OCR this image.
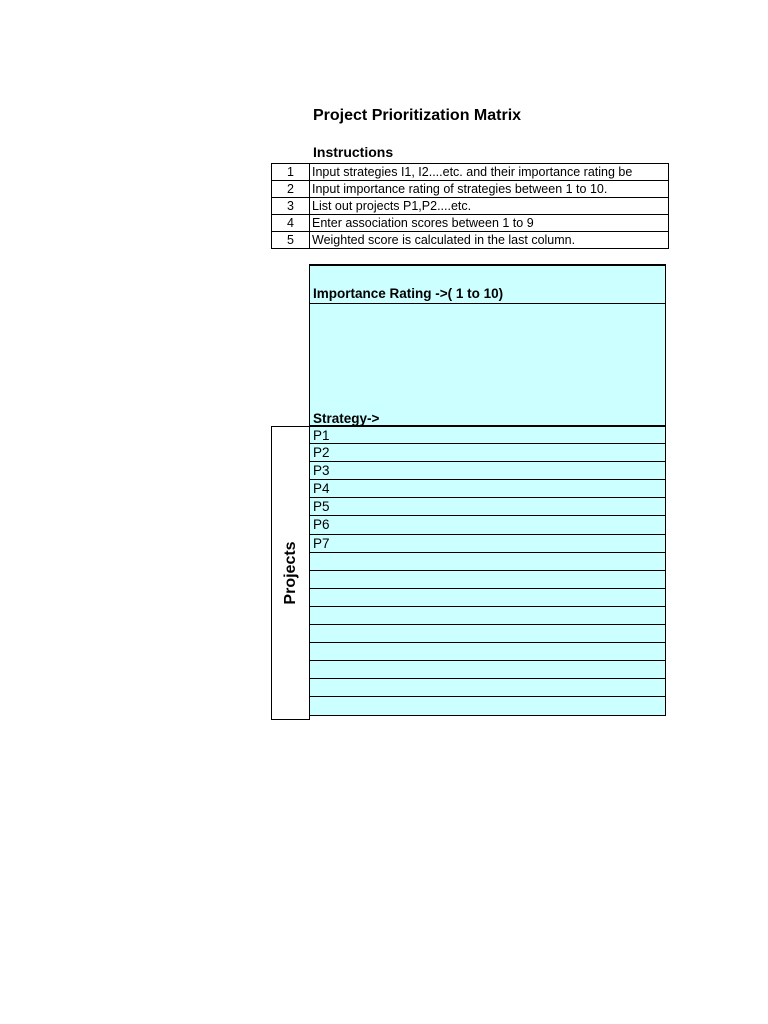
Project Prioritization Matrix
Instructions
1	Input strategies I1, I2....etc. and their importance rating be
2	Input importance rating of strategies between 1 to 10.
3	List out projects P1,P2....etc.
4	Enter association scores between 1 to 9
5	Weighted score is calculated in the last column.
Importance Rating ->( 1 to 10)
Strategy->
Projects
P1
P2
P3
P4
P5
P6
P7
